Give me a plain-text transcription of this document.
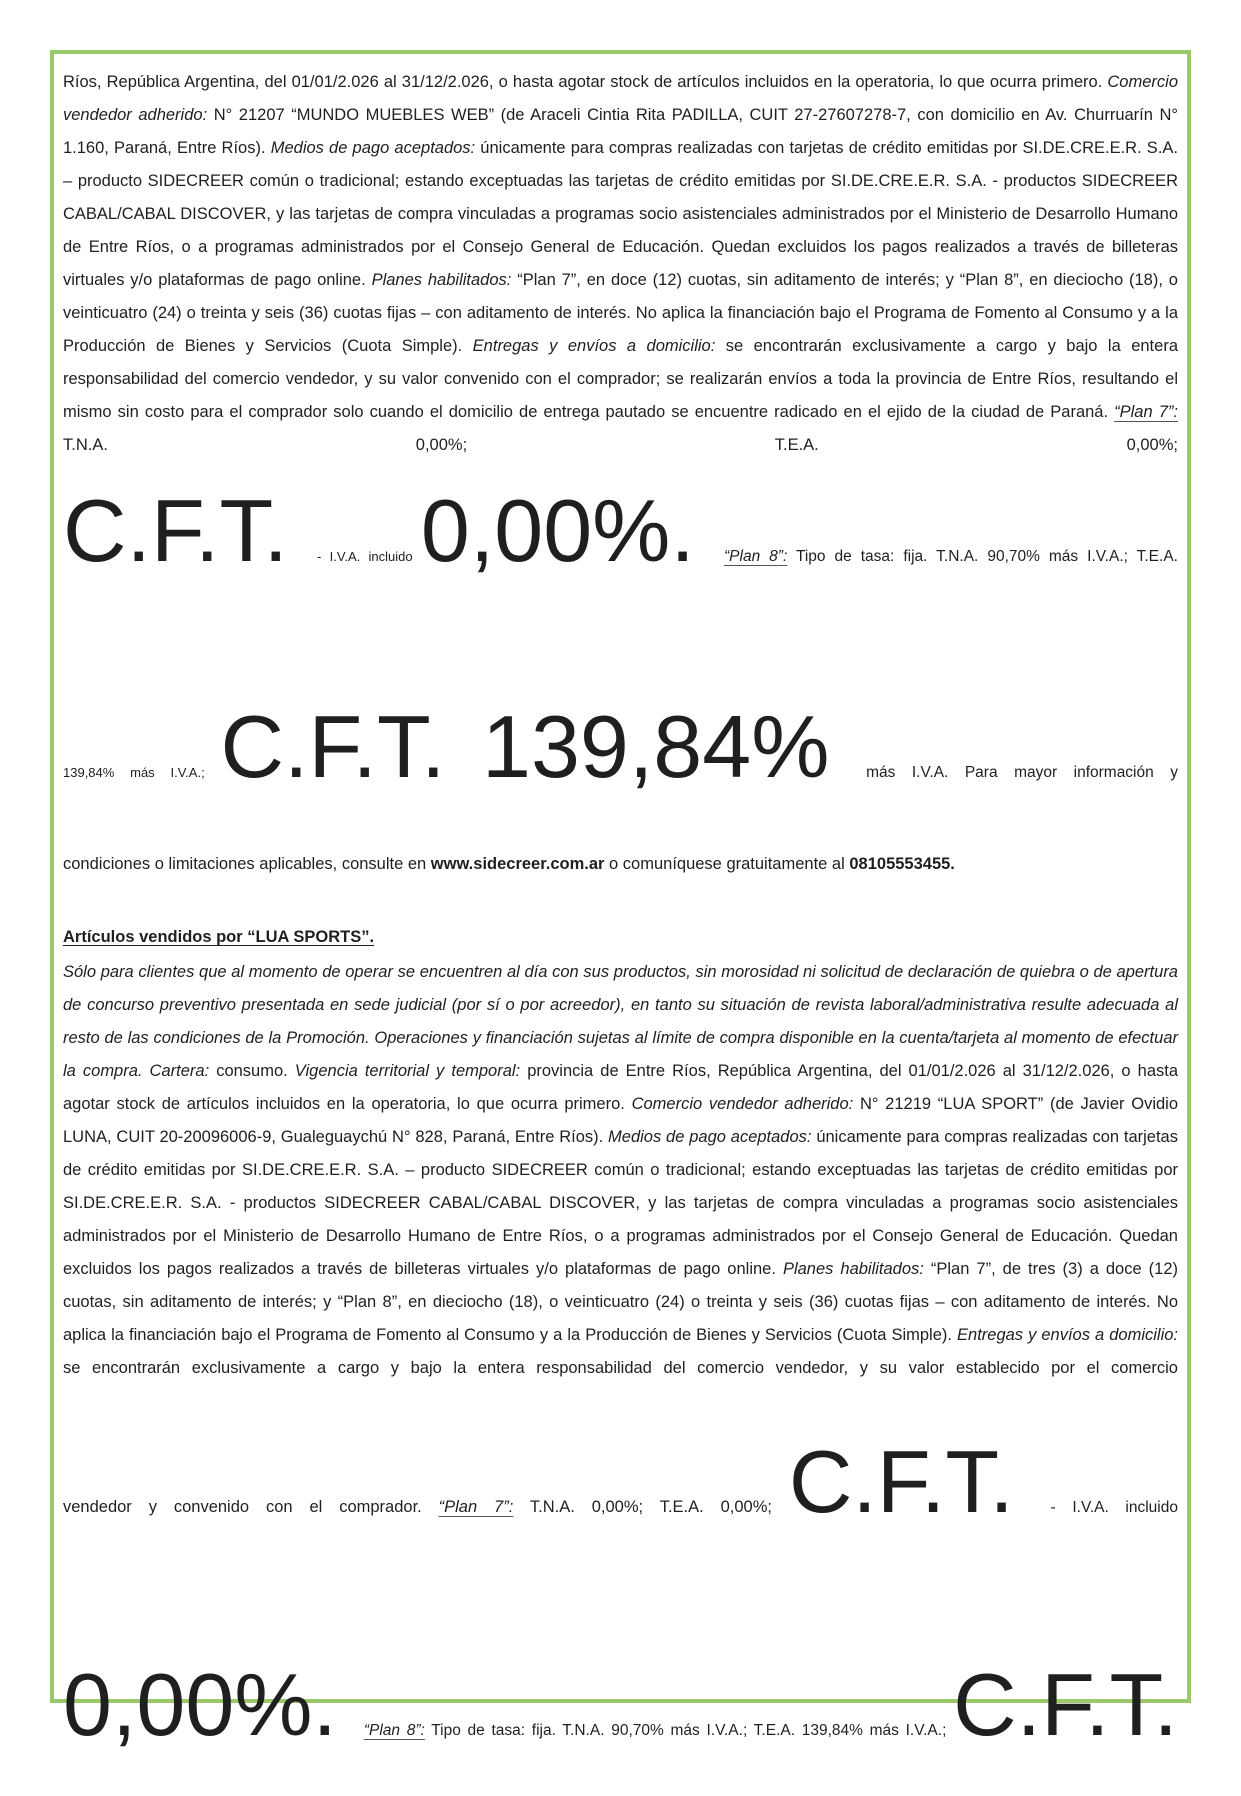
Ríos, República Argentina, del 01/01/2.026 al 31/12/2.026, o hasta agotar stock de artículos incluidos en la operatoria, lo que ocurra primero. Comercio vendedor adherido: N° 21207 “MUNDO MUEBLES WEB” (de Araceli Cintia Rita PADILLA, CUIT 27-27607278-7, con domicilio en Av. Churruarín N° 1.160, Paraná, Entre Ríos). Medios de pago aceptados: únicamente para compras realizadas con tarjetas de crédito emitidas por SI.DE.CRE.E.R. S.A. – producto SIDECREER común o tradicional; estando exceptuadas las tarjetas de crédito emitidas por SI.DE.CRE.E.R. S.A. - productos SIDECREER CABAL/CABAL DISCOVER, y las tarjetas de compra vinculadas a programas socio asistenciales administrados por el Ministerio de Desarrollo Humano de Entre Ríos, o a programas administrados por el Consejo General de Educación. Quedan excluidos los pagos realizados a través de billeteras virtuales y/o plataformas de pago online. Planes habilitados: “Plan 7”, en doce (12) cuotas, sin aditamento de interés; y “Plan 8”, en dieciocho (18), o veinticuatro (24) o treinta y seis (36) cuotas fijas – con aditamento de interés. No aplica la financiación bajo el Programa de Fomento al Consumo y a la Producción de Bienes y Servicios (Cuota Simple). Entregas y envíos a domicilio: se encontrarán exclusivamente a cargo y bajo la entera responsabilidad del comercio vendedor, y su valor convenido con el comprador; se realizarán envíos a toda la provincia de Entre Ríos, resultando el mismo sin costo para el comprador solo cuando el domicilio de entrega pautado se encuentre radicado en el ejido de la ciudad de Paraná. “Plan 7”: T.N.A. 0,00%; T.E.A. 0,00%;
C.F.T. - I.V.A. incluido 0,00%. “Plan 8”: Tipo de tasa: fija. T.N.A. 90,70% más I.V.A.; T.E.A.
139,84% más I.V.A.; C.F.T. 139,84% más I.V.A. Para mayor información y
condiciones o limitaciones aplicables, consulte en www.sidecreer.com.ar o comuníquese gratuitamente al 08105553455.
Artículos vendidos por “LUA SPORTS”.
Sólo para clientes que al momento de operar se encuentren al día con sus productos, sin morosidad ni solicitud de declaración de quiebra o de apertura de concurso preventivo presentada en sede judicial (por sí o por acreedor), en tanto su situación de revista laboral/administrativa resulte adecuada al resto de las condiciones de la Promoción. Operaciones y financiación sujetas al límite de compra disponible en la cuenta/tarjeta al momento de efectuar la compra. Cartera: consumo. Vigencia territorial y temporal: provincia de Entre Ríos, República Argentina, del 01/01/2.026 al 31/12/2.026, o hasta agotar stock de artículos incluidos en la operatoria, lo que ocurra primero. Comercio vendedor adherido: N° 21219 “LUA SPORT” (de Javier Ovidio LUNA, CUIT 20-20096006-9, Gualeguaychú N° 828, Paraná, Entre Ríos). Medios de pago aceptados: únicamente para compras realizadas con tarjetas de crédito emitidas por SI.DE.CRE.E.R. S.A. – producto SIDECREER común o tradicional; estando exceptuadas las tarjetas de crédito emitidas por SI.DE.CRE.E.R. S.A. - productos SIDECREER CABAL/CABAL DISCOVER, y las tarjetas de compra vinculadas a programas socio asistenciales administrados por el Ministerio de Desarrollo Humano de Entre Ríos, o a programas administrados por el Consejo General de Educación. Quedan excluidos los pagos realizados a través de billeteras virtuales y/o plataformas de pago online. Planes habilitados: “Plan 7”, de tres (3) a doce (12) cuotas, sin aditamento de interés; y “Plan 8”, en dieciocho (18), o veinticuatro (24) o treinta y seis (36) cuotas fijas – con aditamento de interés. No aplica la financiación bajo el Programa de Fomento al Consumo y a la Producción de Bienes y Servicios (Cuota Simple). Entregas y envíos a domicilio: se encontrarán exclusivamente a cargo y bajo la entera responsabilidad del comercio vendedor, y su valor establecido por el comercio
vendedor y convenido con el comprador. “Plan 7”: T.N.A. 0,00%; T.E.A. 0,00%; C.F.T. - I.V.A. incluido
0,00%. “Plan 8”: Tipo de tasa: fija. T.N.A. 90,70% más I.V.A.; T.E.A. 139,84% más I.V.A.; C.F.T.
